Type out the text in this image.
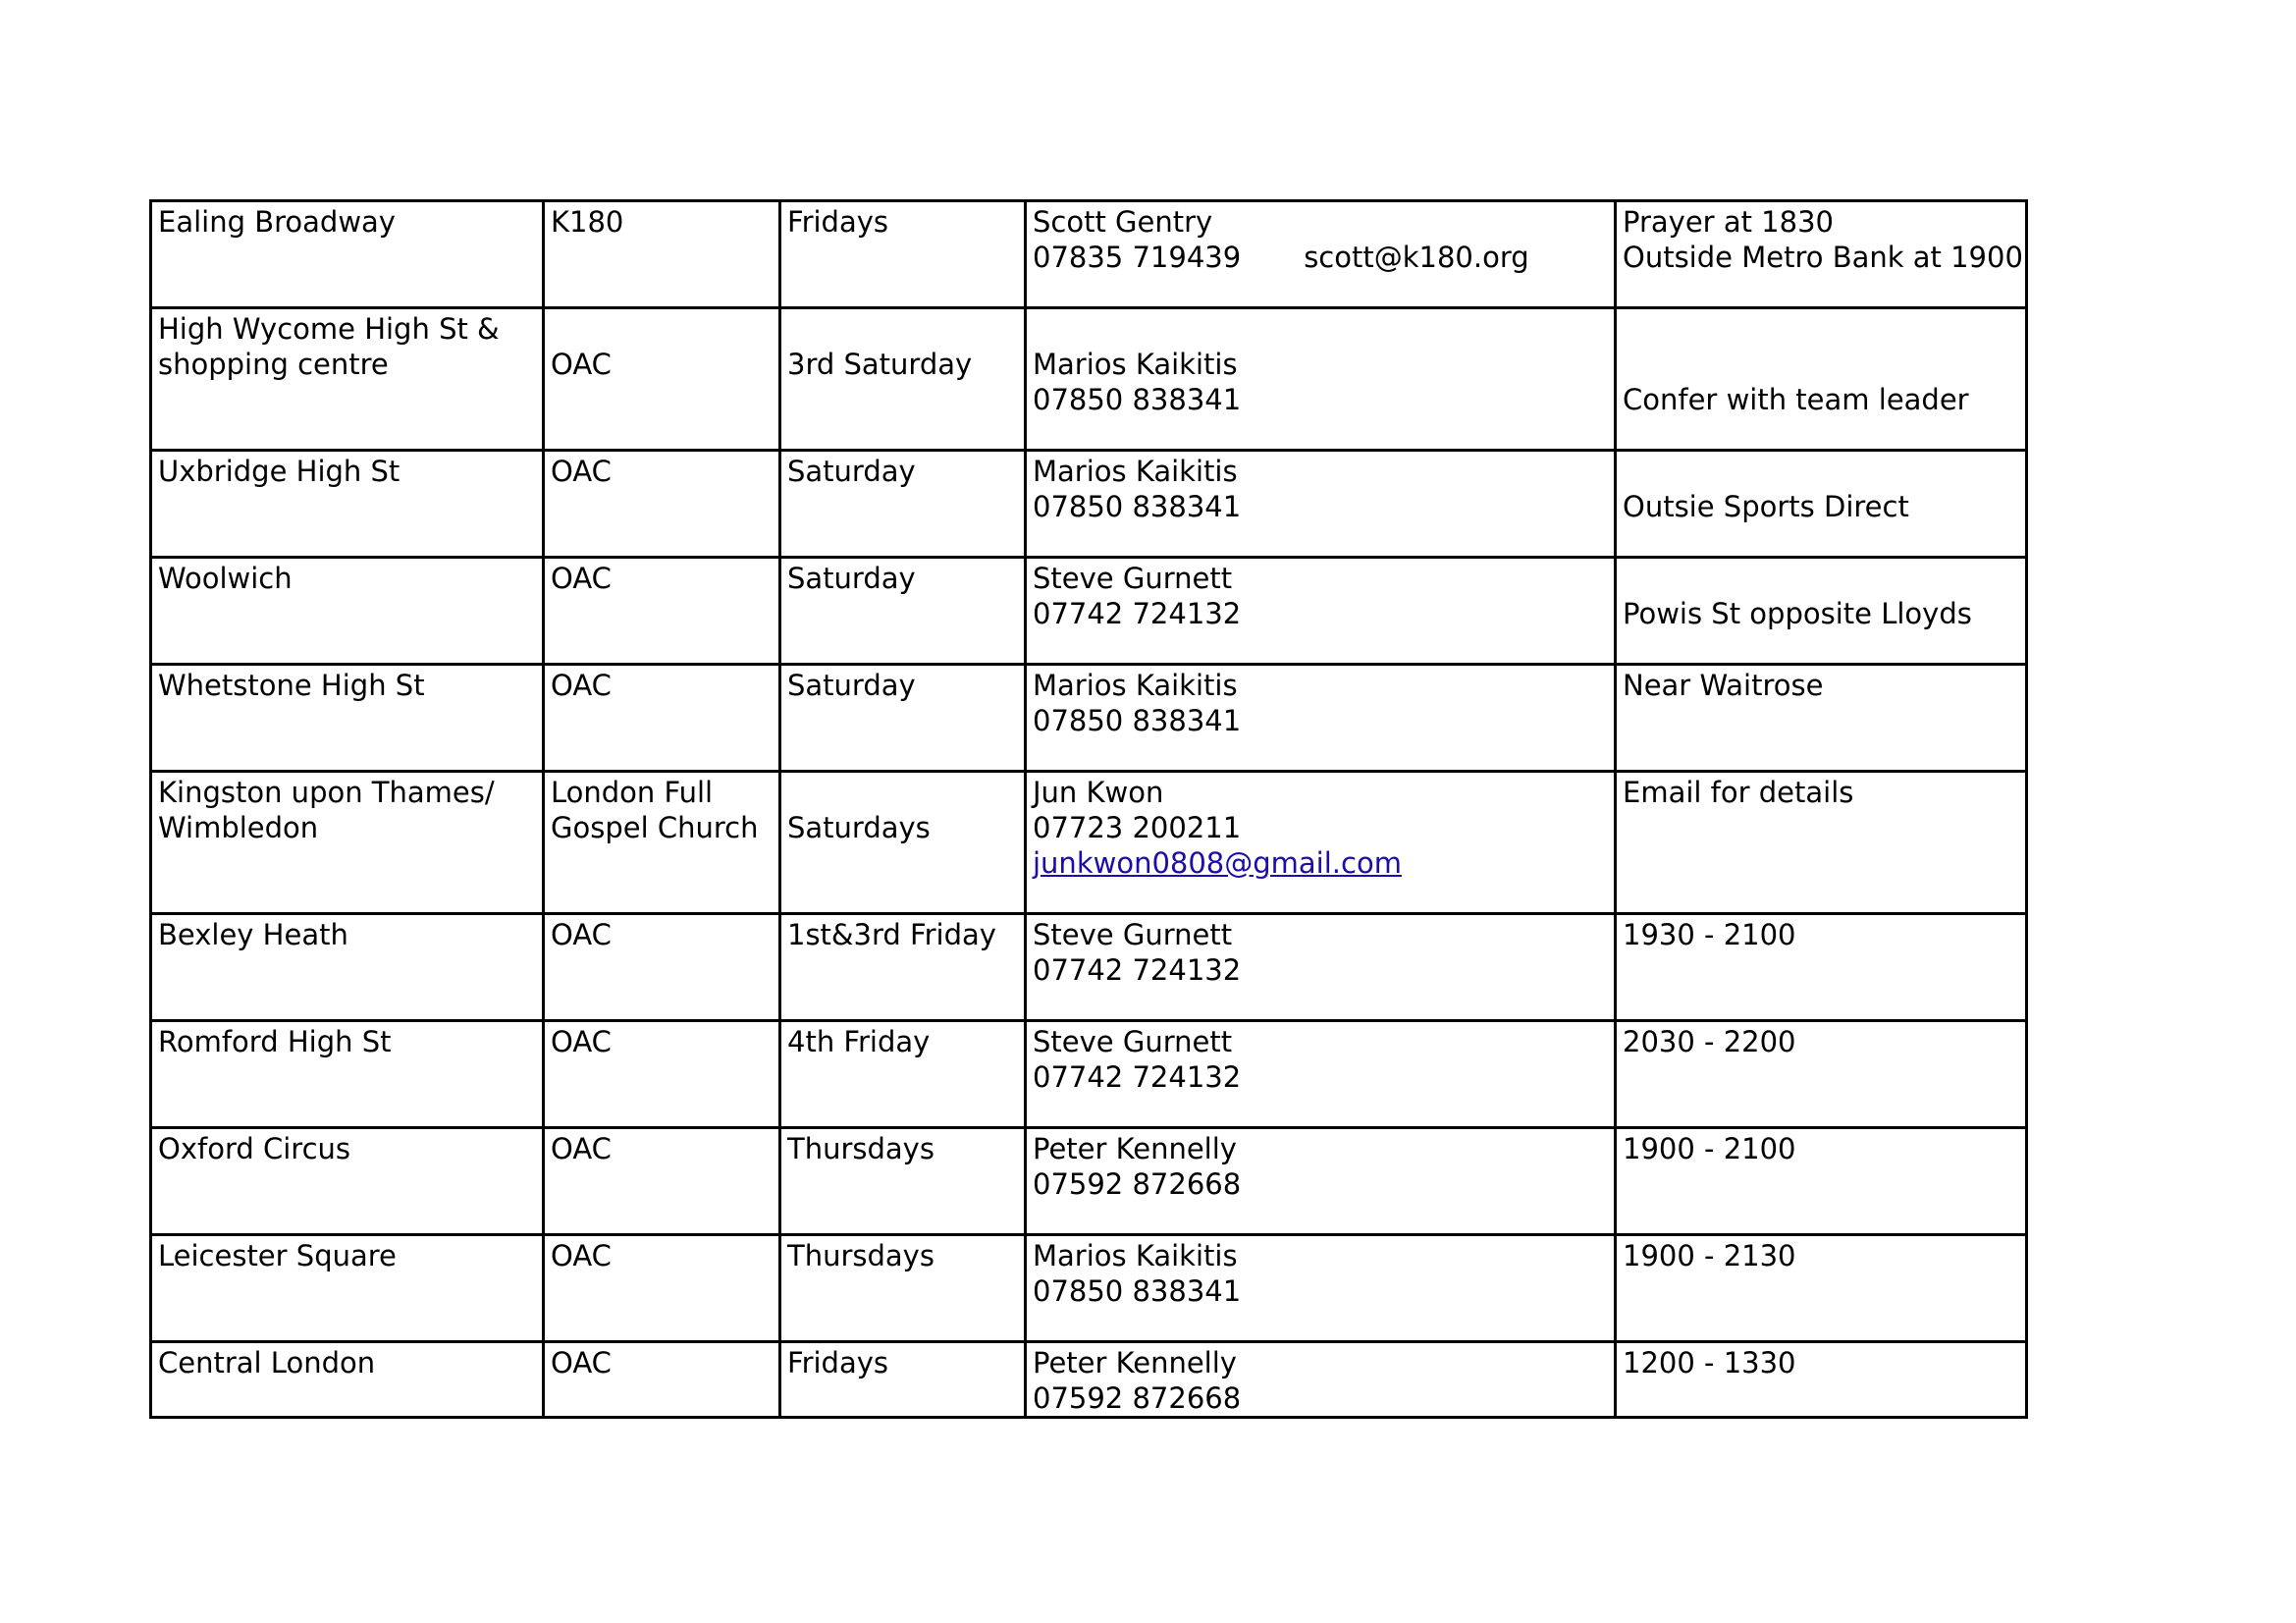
Ealing Broadway	K180	Fridays	Scott Gentry
07835 719439 scott@k180.org	Prayer at 1830
Outside Metro Bank at 1900

High Wycome High St &
shopping centre	OAC	3rd Saturday	Marios Kaikitis
07850 838341	Confer with team leader

Uxbridge High St	OAC	Saturday	Marios Kaikitis
07850 838341	Outsie Sports Direct

Woolwich	OAC	Saturday	Steve Gurnett
07742 724132	Powis St opposite Lloyds

Whetstone High St	OAC	Saturday	Marios Kaikitis
07850 838341	Near Waitrose

Kingston upon Thames/
Wimbledon	London Full
Gospel Church	Saturdays	Jun Kwon
07723 200211
junkwon0808@gmail.com	Email for details

Bexley Heath	OAC	1st&3rd Friday	Steve Gurnett
07742 724132	1930 - 2100

Romford High St	OAC	4th Friday	Steve Gurnett
07742 724132	2030 - 2200

Oxford Circus	OAC	Thursdays	Peter Kennelly
07592 872668	1900 - 2100

Leicester Square	OAC	Thursdays	Marios Kaikitis
07850 838341	1900 - 2130

Central London	OAC	Fridays	Peter Kennelly
07592 872668	1200 - 1330
